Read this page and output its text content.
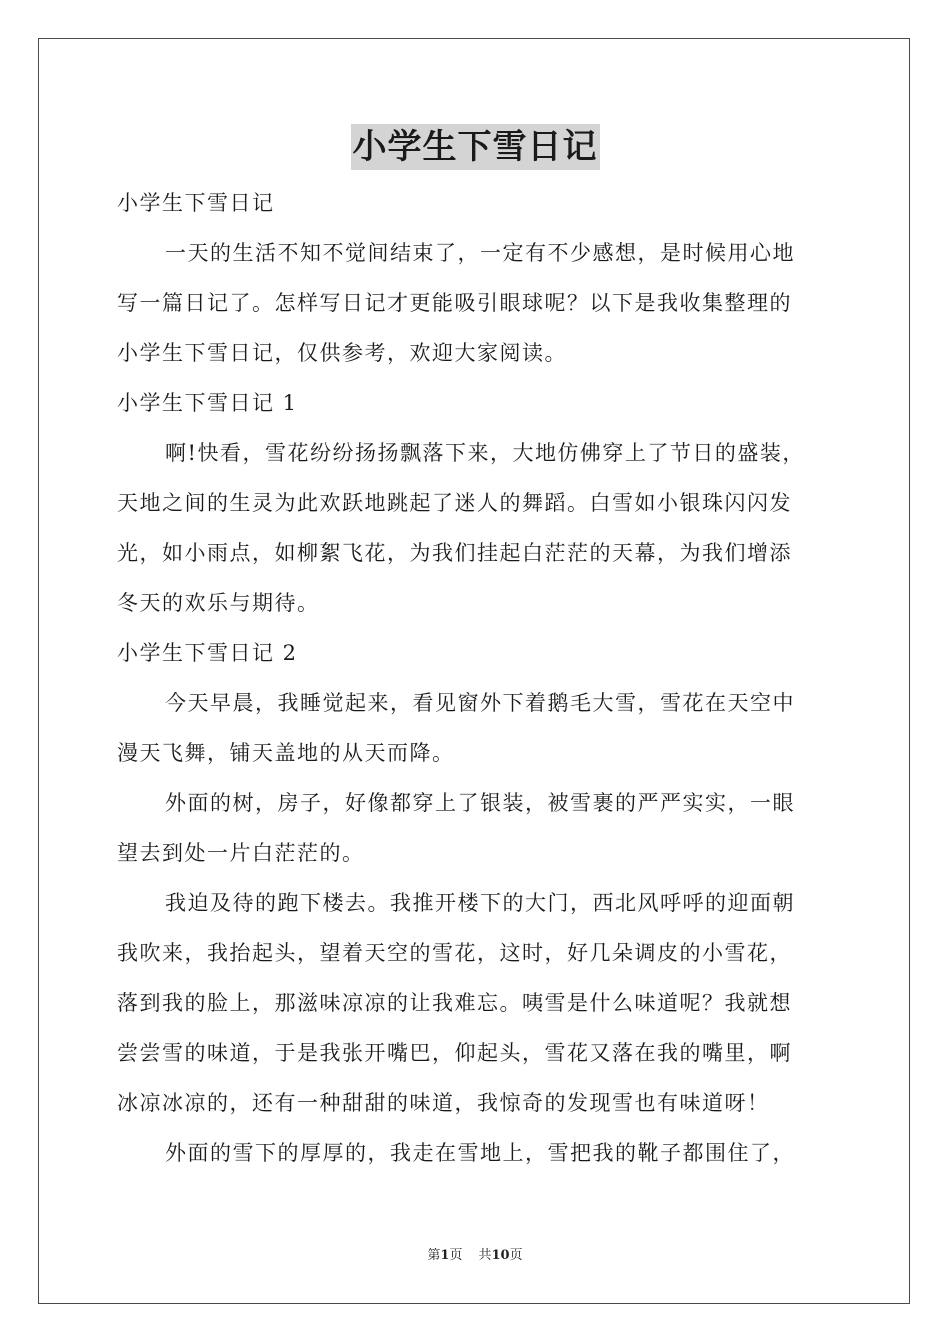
小学生下雪日记
小学生下雪日记
一天的生活不知不觉间结束了，一定有不少感想，是时候用心地
写一篇日记了。怎样写日记才更能吸引眼球呢？以下是我收集整理的
小学生下雪日记，仅供参考，欢迎大家阅读。
小学生下雪日记 1
啊!快看，雪花纷纷扬扬飘落下来，大地仿佛穿上了节日的盛装，
天地之间的生灵为此欢跃地跳起了迷人的舞蹈。白雪如小银珠闪闪发
光，如小雨点，如柳絮飞花，为我们挂起白茫茫的天幕，为我们增添
冬天的欢乐与期待。
小学生下雪日记 2
今天早晨，我睡觉起来，看见窗外下着鹅毛大雪，雪花在天空中
漫天飞舞，铺天盖地的从天而降。
外面的树，房子，好像都穿上了银装，被雪裹的严严实实，一眼
望去到处一片白茫茫的。
我迫及待的跑下楼去。我推开楼下的大门，西北风呼呼的迎面朝
我吹来，我抬起头，望着天空的雪花，这时，好几朵调皮的小雪花，
落到我的脸上，那滋味凉凉的让我难忘。咦雪是什么味道呢？我就想
尝尝雪的味道，于是我张开嘴巴，仰起头，雪花又落在我的嘴里，啊
冰凉冰凉的，还有一种甜甜的味道，我惊奇的发现雪也有味道呀！
外面的雪下的厚厚的，我走在雪地上，雪把我的靴子都围住了，
第1页 共10页
